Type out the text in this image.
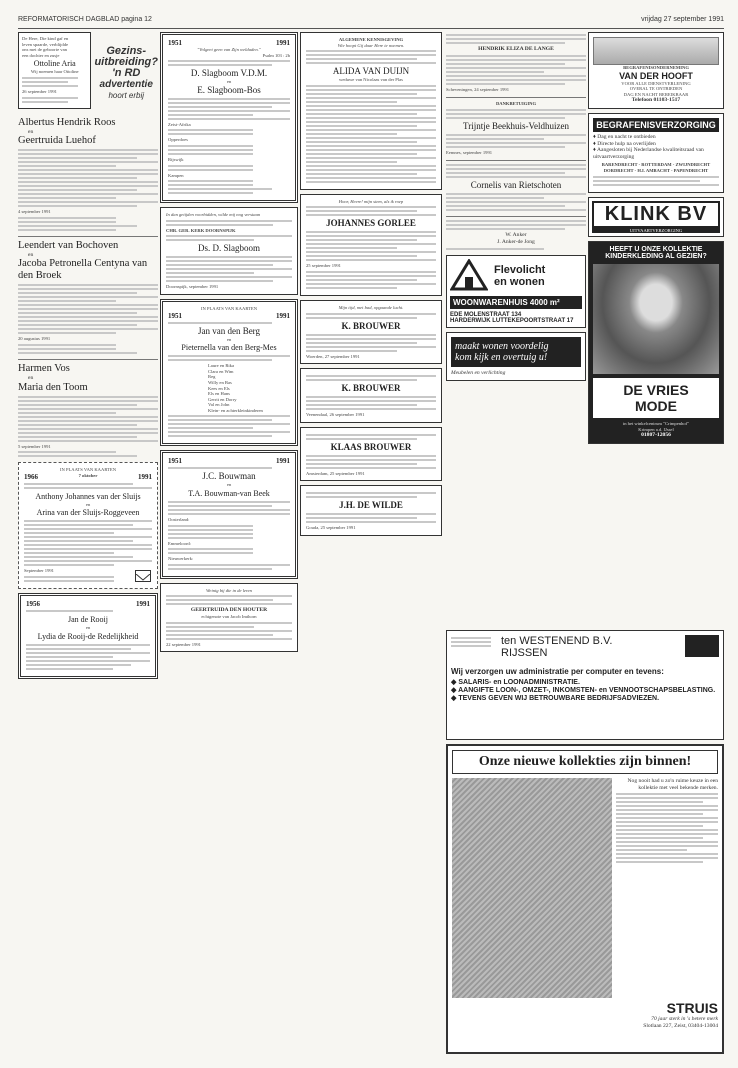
REFORMATORISCH DAGBLAD pagina 12	vrijdag 27 september 1991
De Here, Die kind gaf en
leven spaarde, verblijdde
ons met de geboorte van
een dochter en zusje
Ottoline Aria
Wij noemen haar Ottoline
26 september 1991
Gezins-
uitbreiding?
'n RD
advertentie
hoort erbij
Albertus Hendrik Roos
en
Geertruida Luehof
4 september 1991
Leendert van Bochoven
en
Jacoba Petronella Centyna van den Broek
20 augustus 1991
Harmen Vos
en
Maria den Toom
5 september 1991
IN PLAATS VAN KAARTEN
1966	7 oktober	1991
Anthony Johannes van der Sluijs
en
Arina van der Sluijs-Roggeveen
September 1991
1956	1991
Jan de Rooij
en
Lydia de Rooij-de Redelijkheid
1951	1991
"Volgeet geen van Zijn weldaden."
Psalm 103 : 2b
D. Slagboom V.D.M.
en
E. Slagboom-Bos
Zeist-Afrika
Opperdoes
Rijswijk
Kampen
In dan getijden voorbidden, wilde mij nog verstaan
CHR. GER. KERK DOORNSPIJK
Ds. D. Slagboom
Doornspijk, september 1991
IN PLAATS VAN KAARTEN
1951	1991
Jan van den Berg
en
Pieternella van den Berg-Mes
Laure en Rika
Clara en Wim
Reg
Willy en Bas
Kees en Els
Els en Hans
Gerrit en Dorry
Val en John
Klein- en achterkleinkinderen
1951	1991
J.C. Bouwman
en
T.A. Bouwman-van Beek
Oosterland:
Emmeloord:
Nieuwerkerk:
Weinig bij die in de leren
GEERTRUIDA DEN HOUTER
echtgenote van Jacob Imthorn
22 september 1991
ALGEMENE KENNISGEVING
Wie hoopt Gij daar Here te noemen.
ALIDA VAN DUIJN
weduwe van Nicolaas van der Plas
Hoor, Heere! mijn stem, als ik roep
JOHANNES GORLEE
25 september 1991
Mijn tijd, met bad, opgaande lucht.
K. BROUWER
Woerden, 27 september 1991
K. BROUWER
Veenendaal, 26 september 1991
KLAAS BROUWER
Amsterdam, 25 september 1991
J.H. DE WILDE
Gouda, 25 september 1991
HENDRIK ELIZA DE LANGE
Scheveningen, 24 september 1991
DANKBETUIGING
Trijntje Beekhuis-Veldhuizen
Eemnes, september 1991
Cornelis van Rietschoten
W. Anker
J. Anker-de Jong
Flevolicht
en wonen
WOONWARENHUIS 4000 m²
EDE MOLENSTRAAT 134
HARDERWIJK LUTTEKEPOORTSTRAAT 17
maakt wonen voordelig
kom kijk en overtuig u!
Meubelen en verlichting
BEGRAFENISONDERNEMING
VAN DER HOOFT
VOOR ALLE DIENSTVERLENING
OVERAL TE ONTBIEDEN
DAG EN NACHT BEREIKBAAR
Telefoon 01103-1517
BEGRAFENISVERZORGING
♦ Dag en nacht te ontbieden
♦ Directe hulp na overlijden
♦ Aangesloten bij Nederlandse kwaliteitsraad van uitvaartverzorging
BARENDRECHT - ROTTERDAM - ZWIJNDRECHT DORDRECHT - H.I. AMBACHT - PAPENDRECHT
KLINK BV
UITVAARTVERZORGING
HEEFT U ONZE KOLLEKTIE
KINDERKLEDING AL GEZIEN?
DE VRIES
MODE
in het winkelcentrum "Crimpenhof"
Krimpen a.d. IJssel
01807-12056
ten WESTENEND B.V.
RIJSSEN
Wij verzorgen uw administratie per computer en tevens:
◆ SALARIS- en LOONADMINISTRATIE.
◆ AANGIFTE LOON-, OMZET-, INKOMSTEN- en VENNOOTSCHAPSBELASTING.
◆ TEVENS GEVEN WIJ BETROUWBARE BEDRIJFSADVIEZEN.
Onze nieuwe kollekties zijn binnen!
Nog nooit had u zo'n ruime keuze in een kollektie met veel bekende merken.
STRUIS
70 jaar sterk in 's betere merk
Slotlaan 227, Zeist, 03404-13004
